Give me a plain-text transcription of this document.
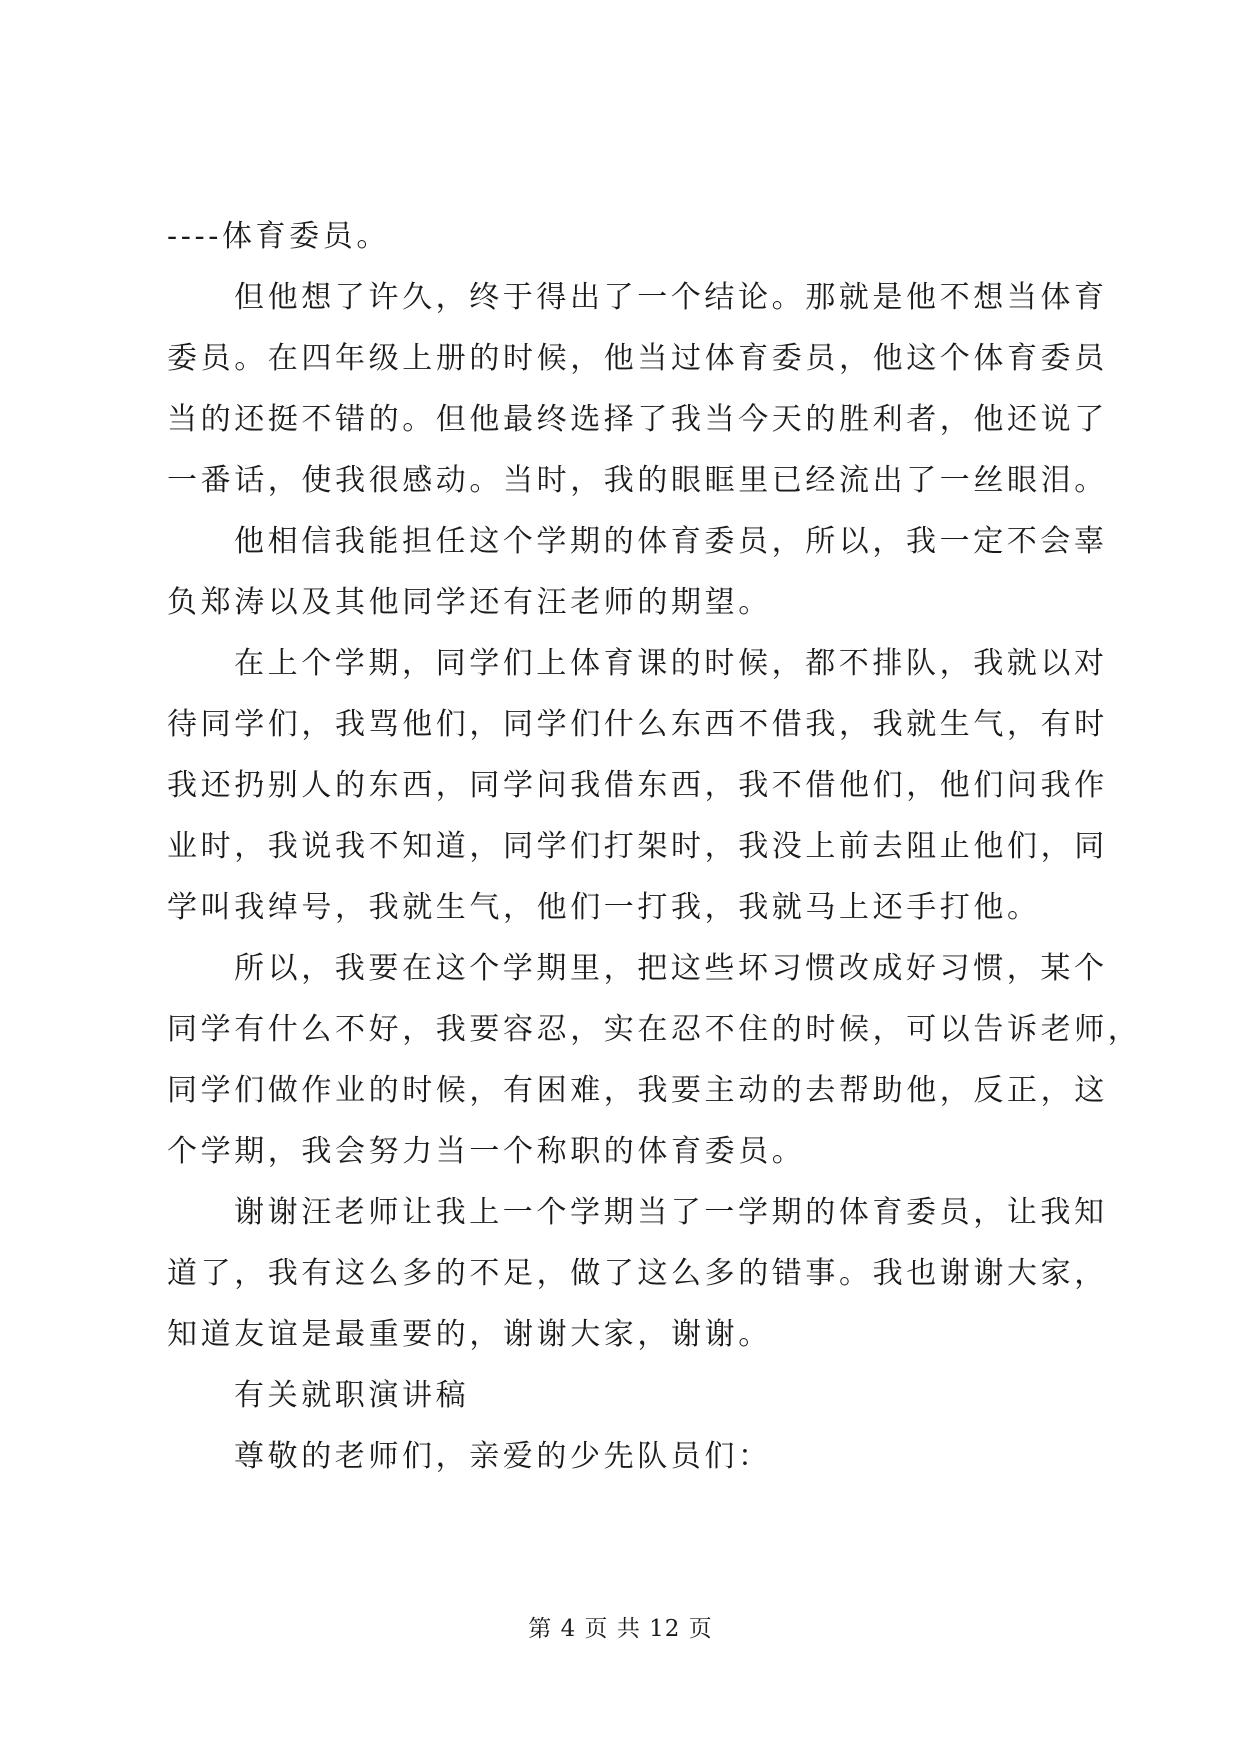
----体育委员。
但他想了许久，终于得出了一个结论。那就是他不想当体育
委员。在四年级上册的时候，他当过体育委员，他这个体育委员
当的还挺不错的。但他最终选择了我当今天的胜利者，他还说了
一番话，使我很感动。当时，我的眼眶里已经流出了一丝眼泪。
他相信我能担任这个学期的体育委员，所以，我一定不会辜
负郑涛以及其他同学还有汪老师的期望。
在上个学期，同学们上体育课的时候，都不排队，我就以对
待同学们，我骂他们，同学们什么东西不借我，我就生气，有时
我还扔别人的东西，同学问我借东西，我不借他们，他们问我作
业时，我说我不知道，同学们打架时，我没上前去阻止他们，同
学叫我绰号，我就生气，他们一打我，我就马上还手打他。
所以，我要在这个学期里，把这些坏习惯改成好习惯，某个
同学有什么不好，我要容忍，实在忍不住的时候，可以告诉老师，
同学们做作业的时候，有困难，我要主动的去帮助他，反正，这
个学期，我会努力当一个称职的体育委员。
谢谢汪老师让我上一个学期当了一学期的体育委员，让我知
道了，我有这么多的不足，做了这么多的错事。我也谢谢大家，
知道友谊是最重要的，谢谢大家，谢谢。
有关就职演讲稿
尊敬的老师们，亲爱的少先队员们：
第 4 页 共 12 页
